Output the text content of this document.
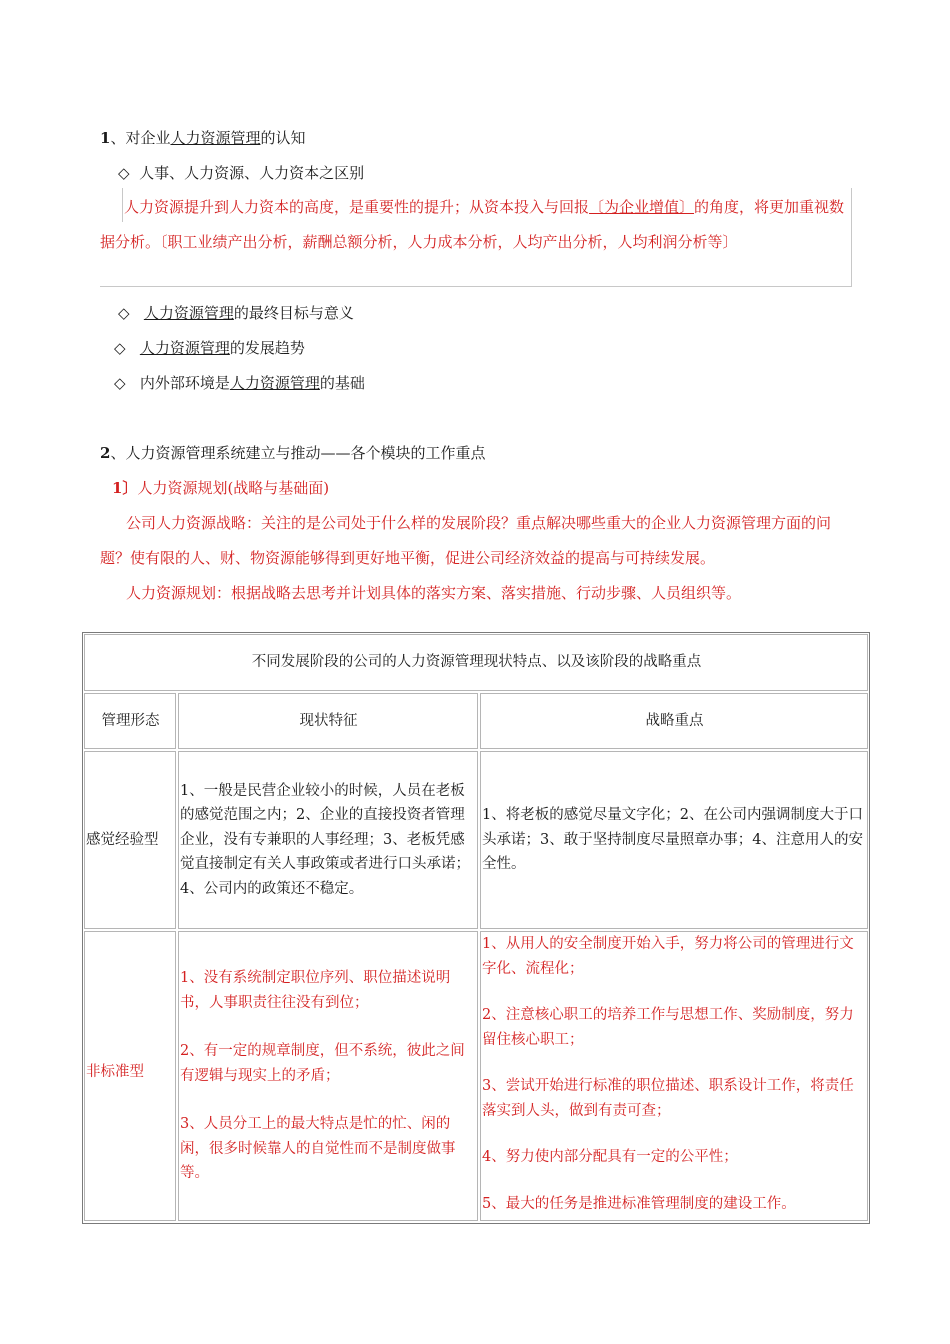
1、对企业人力资源管理的认知
◇ 人事、人力资源、人力资本之区别
人力资源提升到人力资本的高度，是重要性的提升；从资本投入与回报〔为企业增值〕的角度，将更加重视数据分析。〔职工业绩产出分析，薪酬总额分析，人力成本分析，人均产出分析，人均利润分析等〕
◇ 人力资源管理的最终目标与意义
◇ 人力资源管理的发展趋势
◇ 内外部环境是人力资源管理的基础
2、人力资源管理系统建立与推动——各个模块的工作重点
1〕人力资源规划(战略与基础面)
公司人力资源战略：关注的是公司处于什么样的发展阶段？重点解决哪些重大的企业人力资源管理方面的问题？使有限的人、财、物资源能够得到更好地平衡，促进公司经济效益的提高与可持续发展。
人力资源规划：根据战略去思考并计划具体的落实方案、落实措施、行动步骤、人员组织等。
不同发展阶段的公司的人力资源管理现状特点、以及该阶段的战略重点
管理形态	现状特征	战略重点
感觉经验型
1、一般是民营企业较小的时候，人员在老板的感觉范围之内；2、企业的直接投资者管理企业，没有专兼职的人事经理；3、老板凭感觉直接制定有关人事政策或者进行口头承诺；4、公司内的政策还不稳定。
1、将老板的感觉尽量文字化；2、在公司内强调制度大于口头承诺；3、敢于坚持制度尽量照章办事；4、注意用人的安全性。
非标准型
1、没有系统制定职位序列、职位描述说明书，人事职责往往没有到位；
2、有一定的规章制度，但不系统，彼此之间有逻辑与现实上的矛盾；
3、人员分工上的最大特点是忙的忙、闲的闲，很多时候靠人的自觉性而不是制度做事等。
1、从用人的安全制度开始入手，努力将公司的管理进行文字化、流程化；
2、注意核心职工的培养工作与思想工作、奖励制度，努力留住核心职工；
3、尝试开始进行标准的职位描述、职系设计工作，将责任落实到人头，做到有责可查；
4、努力使内部分配具有一定的公平性；
5、最大的任务是推进标准管理制度的建设工作。
